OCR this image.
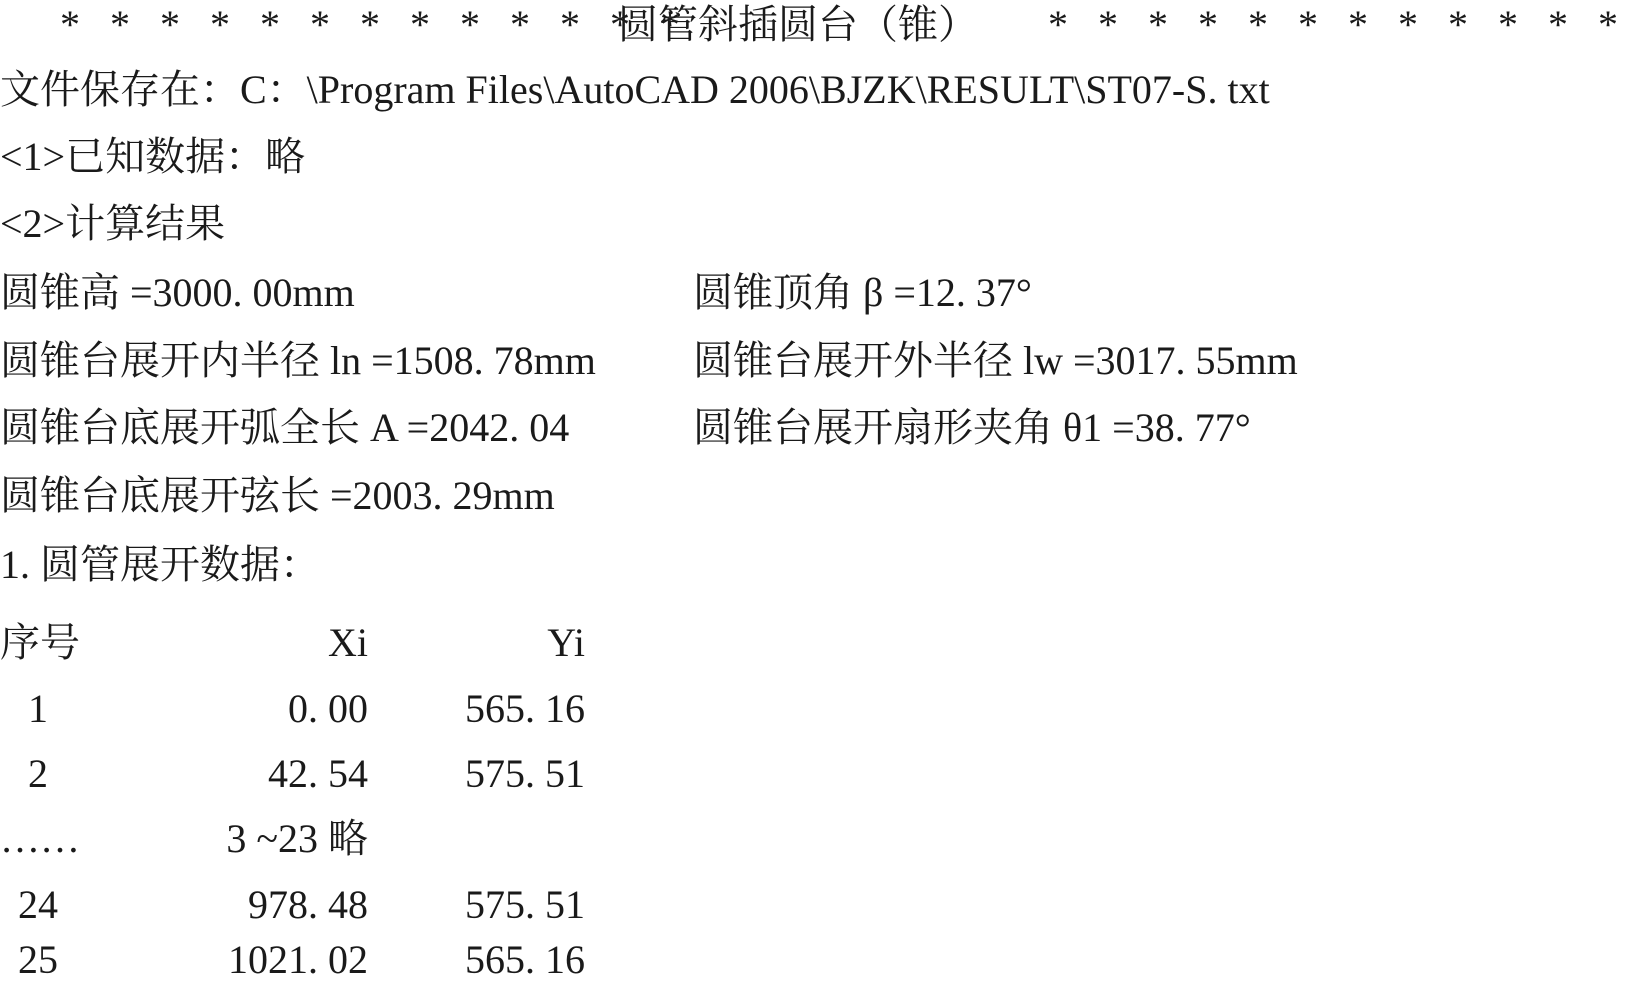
* * * * * * * * * * * * *

圆管斜插圆台（锥）

* * * * * * * * * * * *

文件保存在：C：\Program Files\AutoCAD 2006\BJZK\RESULT\ST07-S. txt
<1>已知数据：略
<2>计算结果
圆锥高 =3000. 00mm	圆锥顶角 β =12. 37°
圆锥台展开内半径 ln =1508. 78mm 圆锥台展开外半径 lw =3017. 55mm
圆锥台底展开弧全长 A =2042. 04	圆锥台展开扇形夹角 θ1 =38. 77°
圆锥台底展开弦长 =2003. 29mm
1. 圆管展开数据：
序号	Xi	Yi
1	0. 00	565. 16
2	42. 54	575. 51
……	3 ~23 略
24	978. 48	575. 51
25	1021. 02	565. 16
